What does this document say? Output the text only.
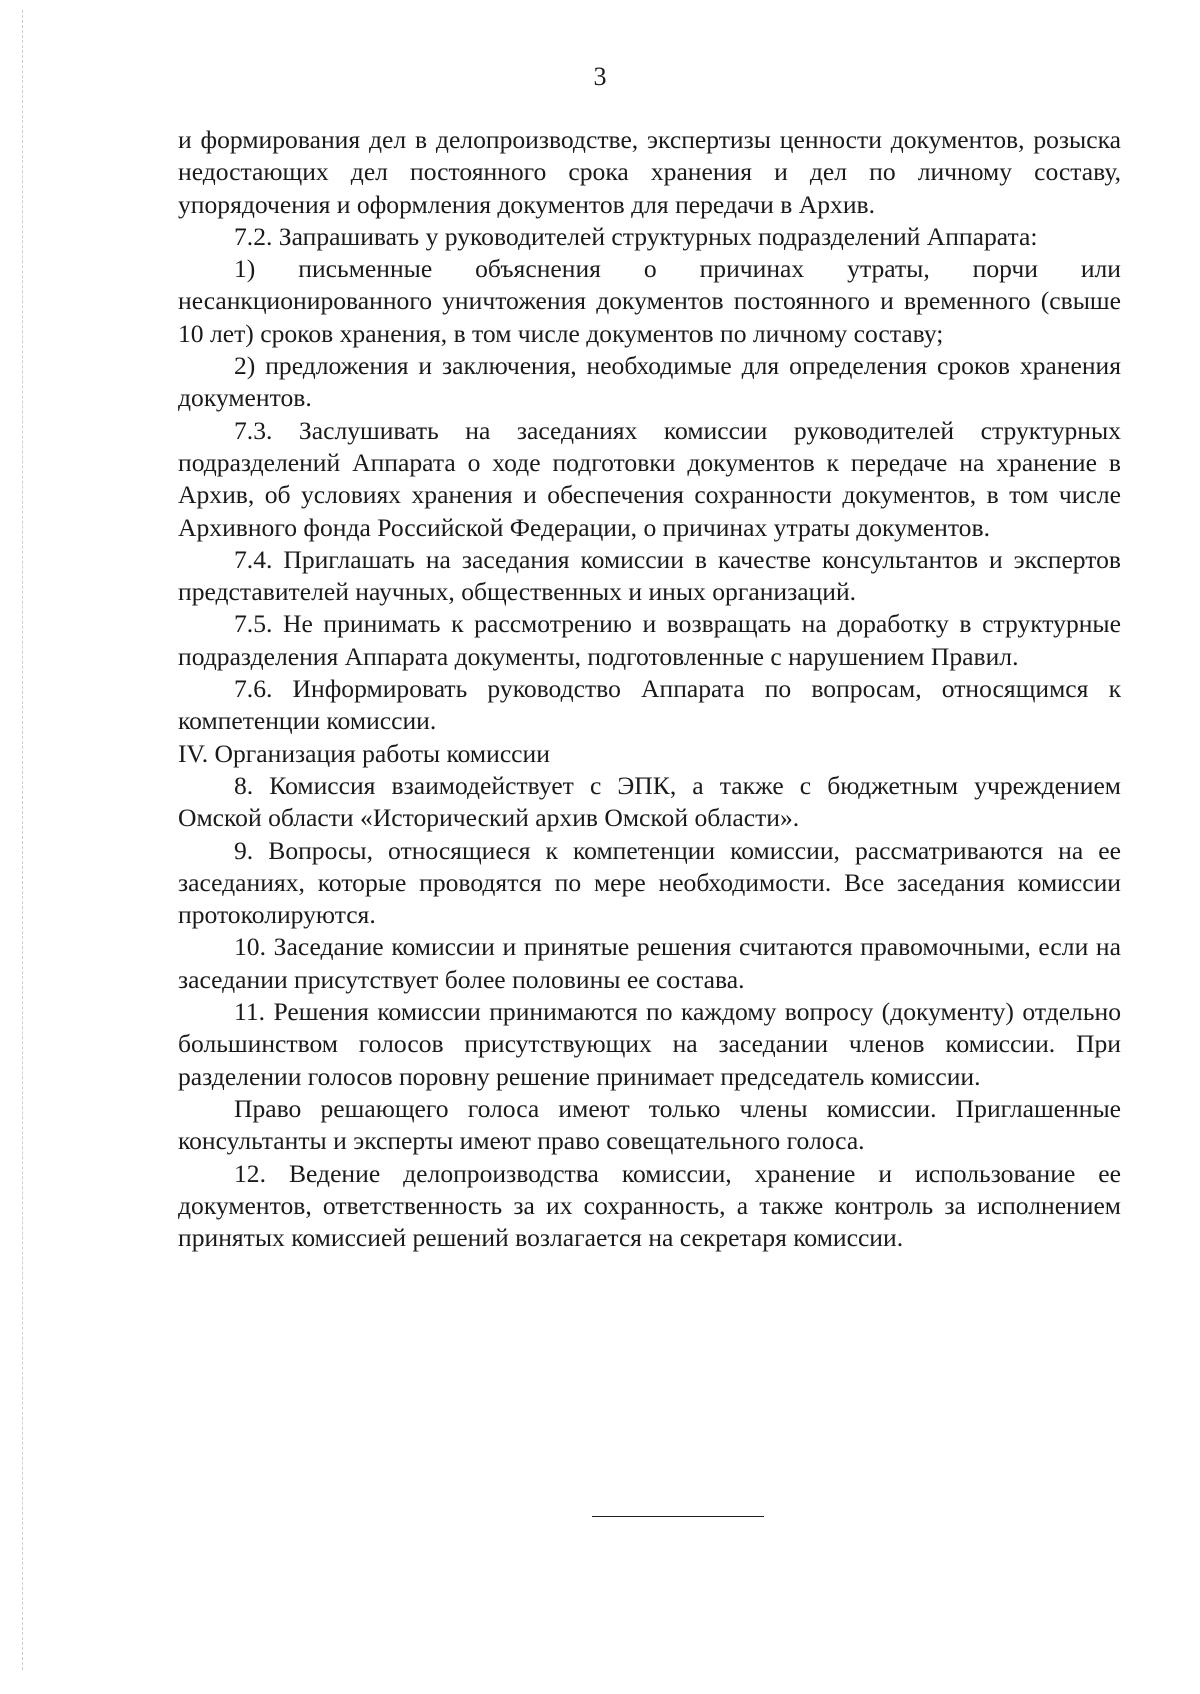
3

и формирования дел в делопроизводстве, экспертизы ценности документов, розыска недостающих дел постоянного срока хранения и дел по личному составу, упорядочения и оформления документов для передачи в Архив.

7.2. Запрашивать у руководителей структурных подразделений Аппарата:

1) письменные объяснения о причинах утраты, порчи или несанкционированного уничтожения документов постоянного и временного (свыше 10 лет) сроков хранения, в том числе документов по личному составу;

2) предложения и заключения, необходимые для определения сроков хранения документов.

7.3. Заслушивать на заседаниях комиссии руководителей структурных подразделений Аппарата о ходе подготовки документов к передаче на хранение в Архив, об условиях хранения и обеспечения сохранности документов, в том числе Архивного фонда Российской Федерации, о причинах утраты документов.

7.4. Приглашать на заседания комиссии в качестве консультантов и экспертов представителей научных, общественных и иных организаций.

7.5. Не принимать к рассмотрению и возвращать на доработку в структурные подразделения Аппарата документы, подготовленные с нарушением Правил.

7.6. Информировать руководство Аппарата по вопросам, относящимся к компетенции комиссии.

IV. Организация работы комиссии

8. Комиссия взаимодействует с ЭПК, а также с бюджетным учреждением Омской области «Исторический архив Омской области».

9. Вопросы, относящиеся к компетенции комиссии, рассматриваются на ее заседаниях, которые проводятся по мере необходимости. Все заседания комиссии протоколируются.

10. Заседание комиссии и принятые решения считаются правомочными, если на заседании присутствует более половины ее состава.

11. Решения комиссии принимаются по каждому вопросу (документу) отдельно большинством голосов присутствующих на заседании членов комиссии. При разделении голосов поровну решение принимает председатель комиссии.

Право решающего голоса имеют только члены комиссии. Приглашенные консультанты и эксперты имеют право совещательного голоса.

12. Ведение делопроизводства комиссии, хранение и использование ее документов, ответственность за их сохранность, а также контроль за исполнением принятых комиссией решений возлагается на секретаря комиссии.
